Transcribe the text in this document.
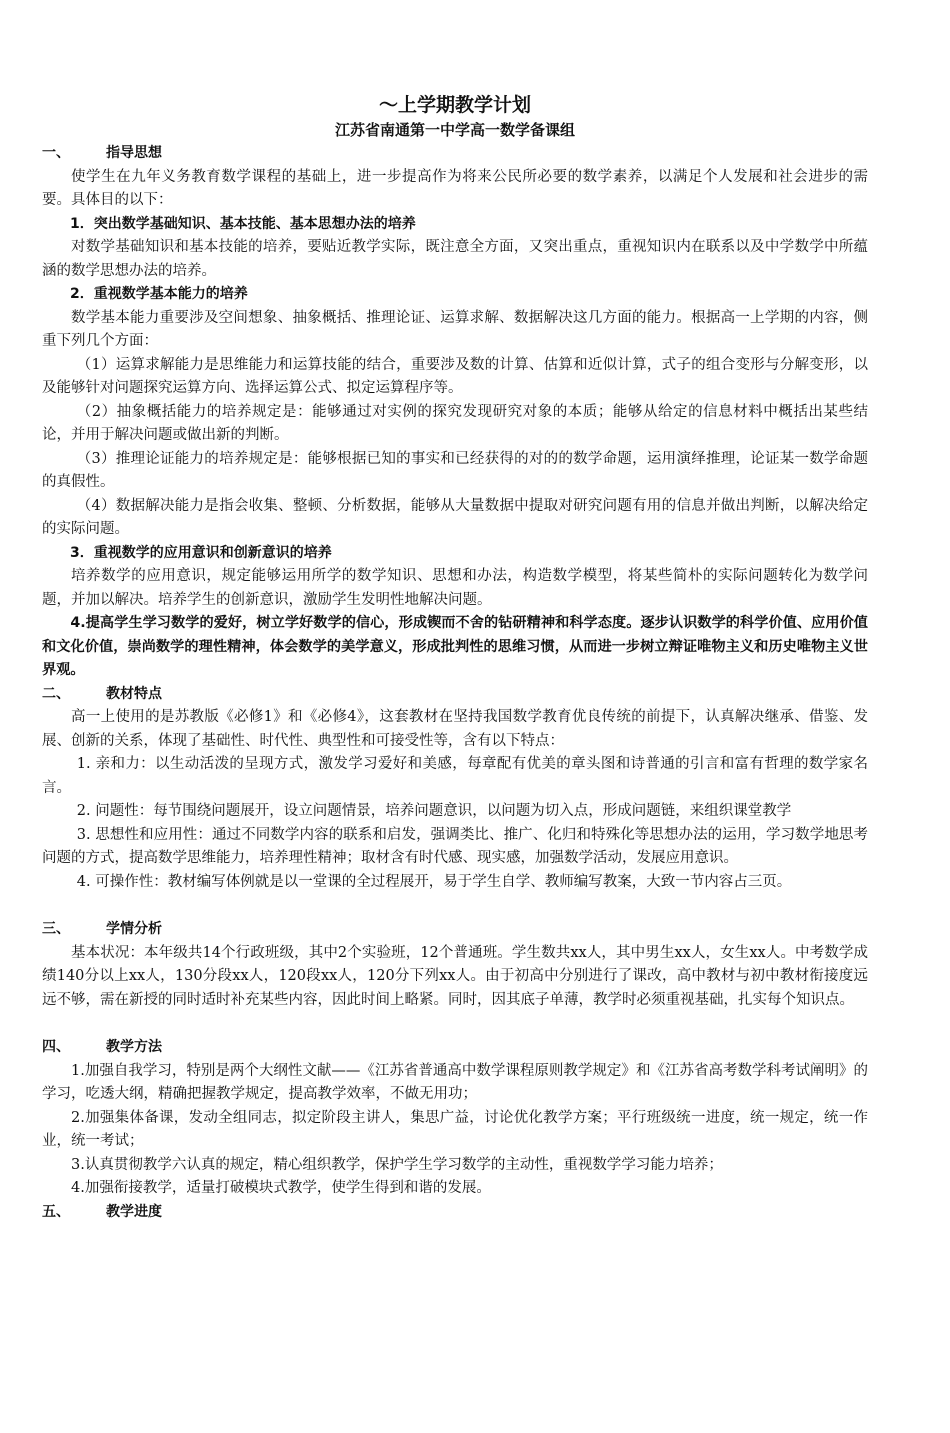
～上学期教学计划
江苏省南通第一中学高一数学备课组
一、	指导思想

使学生在九年义务教育数学课程的基础上，进一步提高作为将来公民所必要的数学素养，以满足个人发展和社会进步的需要。具体目的以下：

1．突出数学基础知识、基本技能、基本思想办法的培养

对数学基础知识和基本技能的培养，要贴近教学实际，既注意全方面，又突出重点，重视知识内在联系以及中学数学中所蕴涵的数学思想办法的培养。

2．重视数学基本能力的培养

数学基本能力重要涉及空间想象、抽象概括、推理论证、运算求解、数据解决这几方面的能力。根据高一上学期的内容，侧重下列几个方面：

（1）运算求解能力是思维能力和运算技能的结合，重要涉及数的计算、估算和近似计算，式子的组合变形与分解变形，以及能够针对问题探究运算方向、选择运算公式、拟定运算程序等。

（2）抽象概括能力的培养规定是：能够通过对实例的探究发现研究对象的本质；能够从给定的信息材料中概括出某些结论，并用于解决问题或做出新的判断。

（3）推理论证能力的培养规定是：能够根据已知的事实和已经获得的对的的数学命题，运用演绎推理，论证某一数学命题的真假性。

（4）数据解决能力是指会收集、整顿、分析数据，能够从大量数据中提取对研究问题有用的信息并做出判断，以解决给定的实际问题。

3．重视数学的应用意识和创新意识的培养

培养数学的应用意识，规定能够运用所学的数学知识、思想和办法，构造数学模型，将某些简朴的实际问题转化为数学问题，并加以解决。培养学生的创新意识，激励学生发明性地解决问题。

4.提高学生学习数学的爱好，树立学好数学的信心，形成锲而不舍的钻研精神和科学态度。逐步认识数学的科学价值、应用价值和文化价值，崇尚数学的理性精神，体会数学的美学意义，形成批判性的思维习惯，从而进一步树立辩证唯物主义和历史唯物主义世界观。

二、	教材特点

高一上使用的是苏教版《必修1》和《必修4》，这套教材在坚持我国数学教育优良传统的前提下，认真解决继承、借鉴、发展、创新的关系，体现了基础性、时代性、典型性和可接受性等，含有以下特点：

1. 亲和力：以生动活泼的呈现方式，激发学习爱好和美感，每章配有优美的章头图和诗普通的引言和富有哲理的数学家名言。

2. 问题性：每节围绕问题展开，设立问题情景，培养问题意识，以问题为切入点，形成问题链，来组织课堂教学

3. 思想性和应用性：通过不同数学内容的联系和启发，强调类比、推广、化归和特殊化等思想办法的运用，学习数学地思考问题的方式，提高数学思维能力，培养理性精神；取材含有时代感、现实感，加强数学活动，发展应用意识。

4. 可操作性：教材编写体例就是以一堂课的全过程展开，易于学生自学、教师编写教案，大致一节内容占三页。

三、	学情分析

基本状况：本年级共14个行政班级，其中2个实验班，12个普通班。学生数共xx人，其中男生xx人，女生xx人。中考数学成绩140分以上xx人，130分段xx人，120段xx人，120分下列xx人。由于初高中分别进行了课改，高中教材与初中教材衔接度远远不够，需在新授的同时适时补充某些内容，因此时间上略紧。同时，因其底子单薄，教学时必须重视基础，扎实每个知识点。

四、	教学方法

1.加强自我学习，特别是两个大纲性文献——《江苏省普通高中数学课程原则教学规定》和《江苏省高考数学科考试阐明》的学习，吃透大纲，精确把握教学规定，提高教学效率，不做无用功；

2.加强集体备课，发动全组同志，拟定阶段主讲人，集思广益，讨论优化教学方案；平行班级统一进度，统一规定，统一作业，统一考试；

3.认真贯彻教学六认真的规定，精心组织教学，保护学生学习数学的主动性，重视数学学习能力培养；

4.加强衔接教学，适量打破模块式教学，使学生得到和谐的发展。

五、	教学进度
